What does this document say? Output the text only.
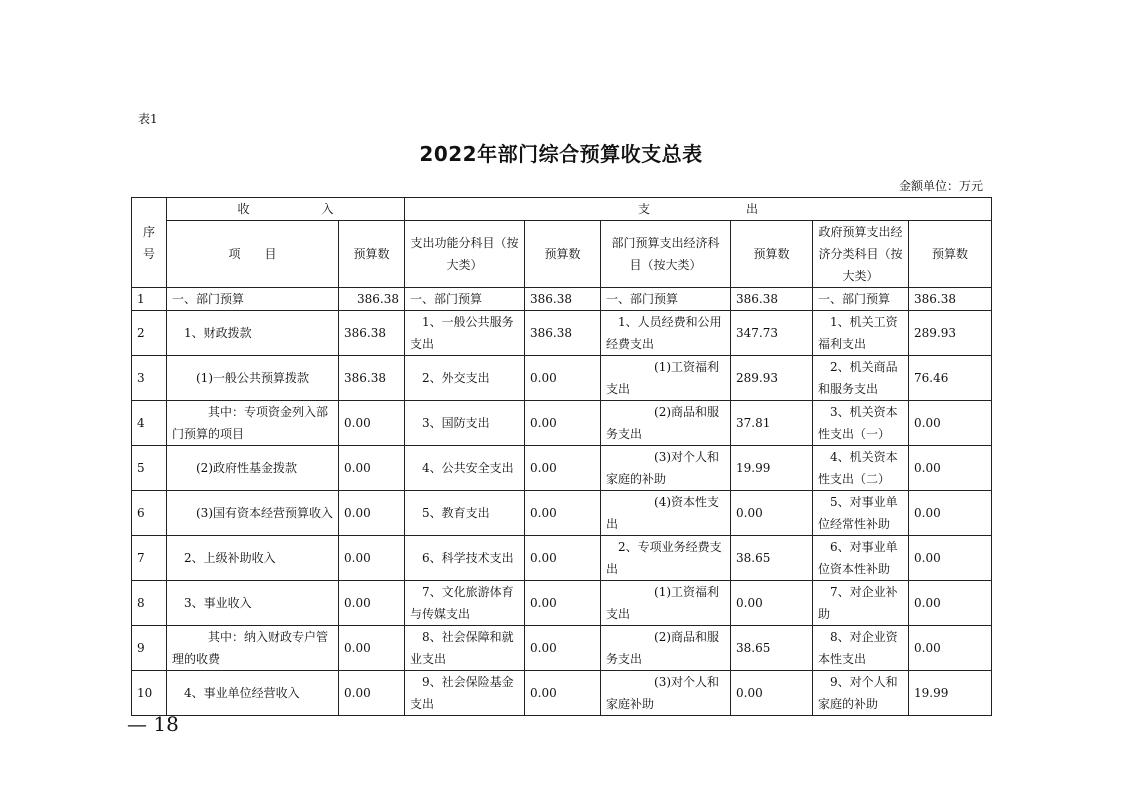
表1
2022年部门综合预算收支总表
金额单位：万元
序号	收　　　　　　入		支　　　　　　　　出					
	项　　目	预算数	支出功能分科目（按大类）	预算数	部门预算支出经济科目（按大类）	预算数	政府预算支出经济分类科目（按大类）	预算数
1	一、部门预算	386.38	一、部门预算	386.38	一、部门预算	386.38	一、部门预算	386.38
2	　1、财政拨款	386.38	　1、一般公共服务支出	386.38	　1、人员经费和公用经费支出	347.73	　1、机关工资福利支出	289.93
3	　　(1)一般公共预算拨款	386.38	　2、外交支出	0.00	　　　　(1)工资福利支出	289.93	　2、机关商品和服务支出	76.46
4	　　　其中：专项资金列入部门预算的项目	0.00	　3、国防支出	0.00	　　　　(2)商品和服务支出	37.81	　3、机关资本性支出（一）	0.00
5	　　(2)政府性基金拨款	0.00	　4、公共安全支出	0.00	　　　　(3)对个人和家庭的补助	19.99	　4、机关资本性支出（二）	0.00
6	　　(3)国有资本经营预算收入	0.00	　5、教育支出	0.00	　　　　(4)资本性支出	0.00	　5、对事业单位经常性补助	0.00
7	　2、上级补助收入	0.00	　6、科学技术支出	0.00	　2、专项业务经费支出	38.65	　6、对事业单位资本性补助	0.00
8	　3、事业收入	0.00	　7、文化旅游体育与传媒支出	0.00	　　　　(1)工资福利支出	0.00	　7、对企业补助	0.00
9	　　　其中：纳入财政专户管理的收费	0.00	　8、社会保障和就业支出	0.00	　　　　(2)商品和服务支出	38.65	　8、对企业资本性支出	0.00
10	　4、事业单位经营收入	0.00	　9、社会保险基金支出	0.00	　　　　(3)对个人和家庭补助	0.00	　9、对个人和家庭的补助	19.99
— 18
